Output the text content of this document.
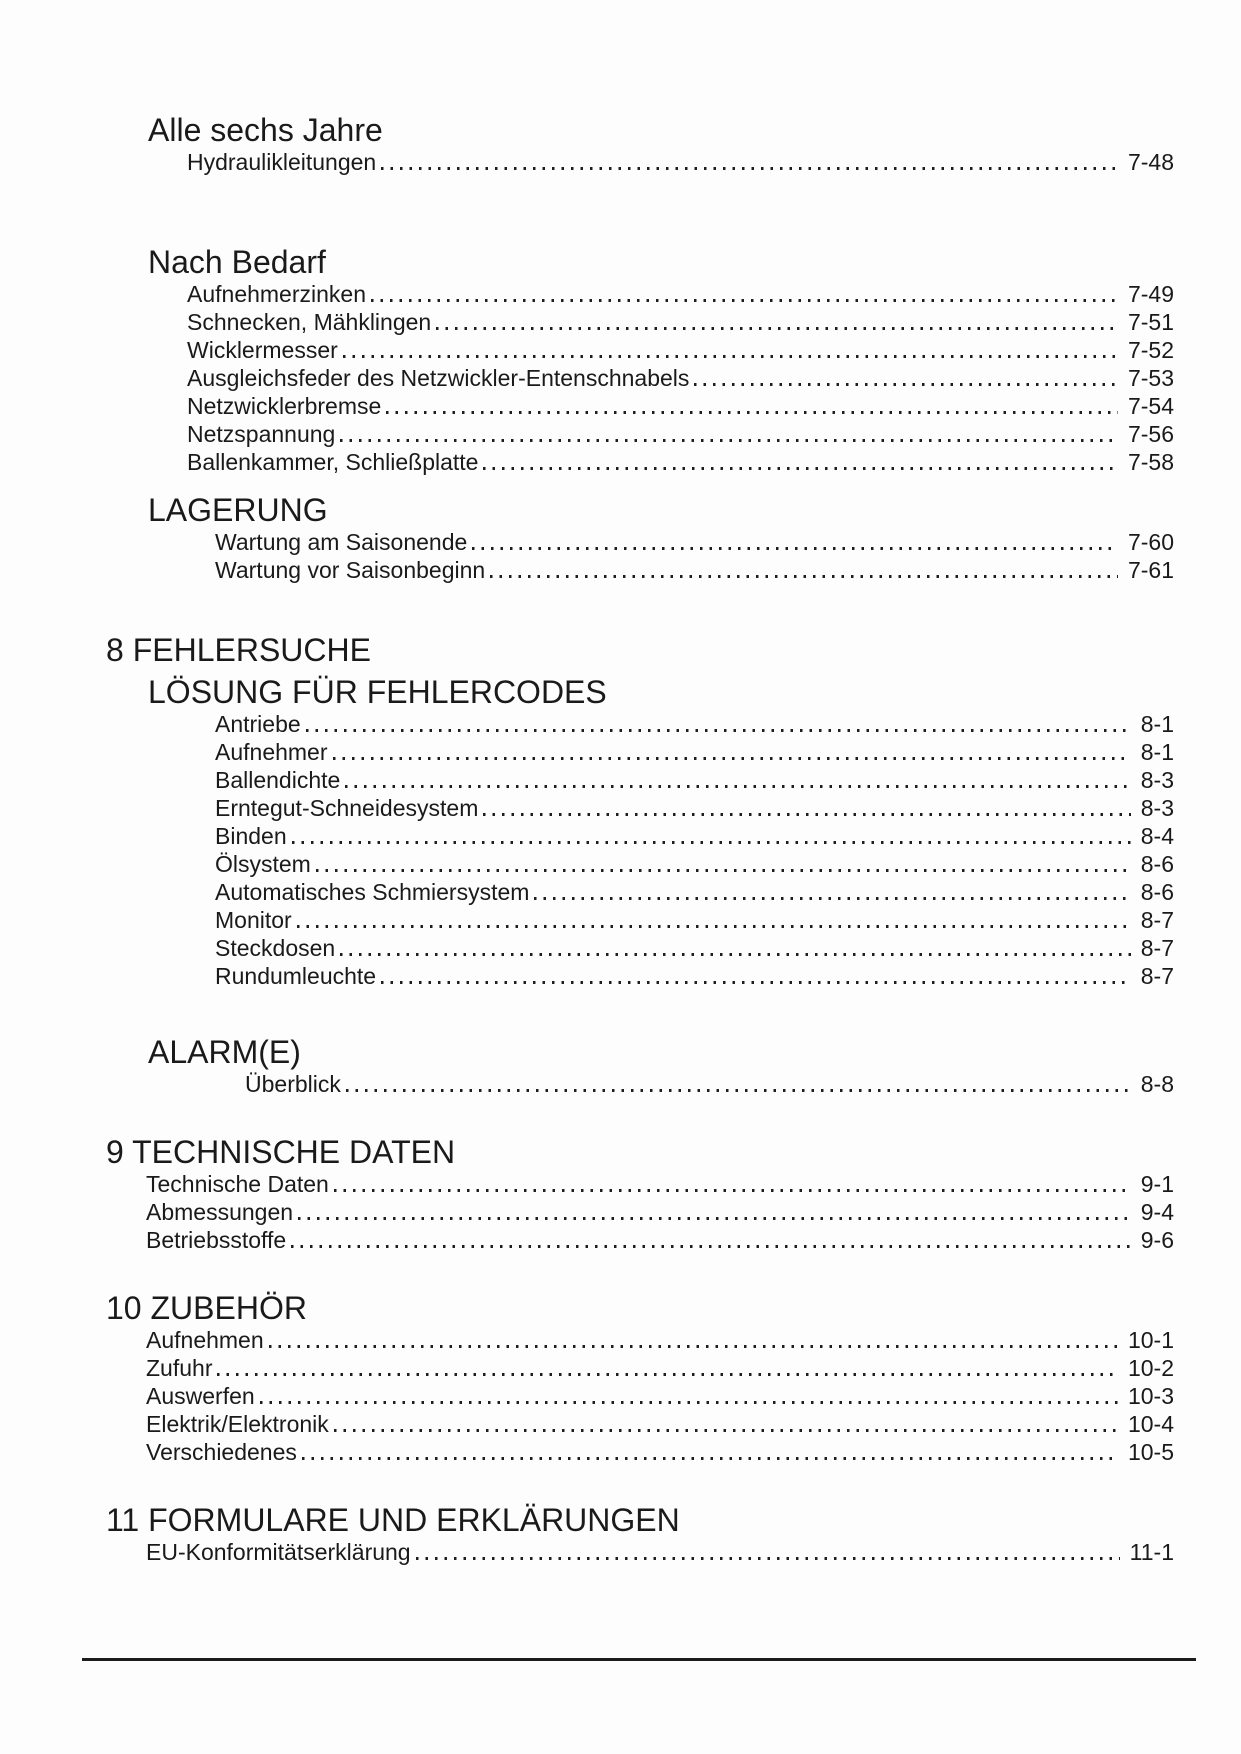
Alle sechs Jahre
Hydraulikleitungen	7-48
Nach Bedarf
Aufnehmerzinken	7-49
Schnecken, Mähklingen	7-51
Wicklermesser	7-52
Ausgleichsfeder des Netzwickler-Entenschnabels	7-53
Netzwicklerbremse	7-54
Netzspannung	7-56
Ballenkammer, Schließplatte	7-58
LAGERUNG
Wartung am Saisonende	7-60
Wartung vor Saisonbeginn	7-61
8 FEHLERSUCHE
LÖSUNG FÜR FEHLERCODES
Antriebe	8-1
Aufnehmer	8-1
Ballendichte	8-3
Erntegut-Schneidesystem	8-3
Binden	8-4
Ölsystem	8-6
Automatisches Schmiersystem	8-6
Monitor	8-7
Steckdosen	8-7
Rundumleuchte	8-7
ALARM(E)
Überblick	8-8
9 TECHNISCHE DATEN
Technische Daten	9-1
Abmessungen	9-4
Betriebsstoffe	9-6
10 ZUBEHÖR
Aufnehmen	10-1
Zufuhr	10-2
Auswerfen	10-3
Elektrik/Elektronik	10-4
Verschiedenes	10-5
11 FORMULARE UND ERKLÄRUNGEN
EU-Konformitätserklärung	11-1
